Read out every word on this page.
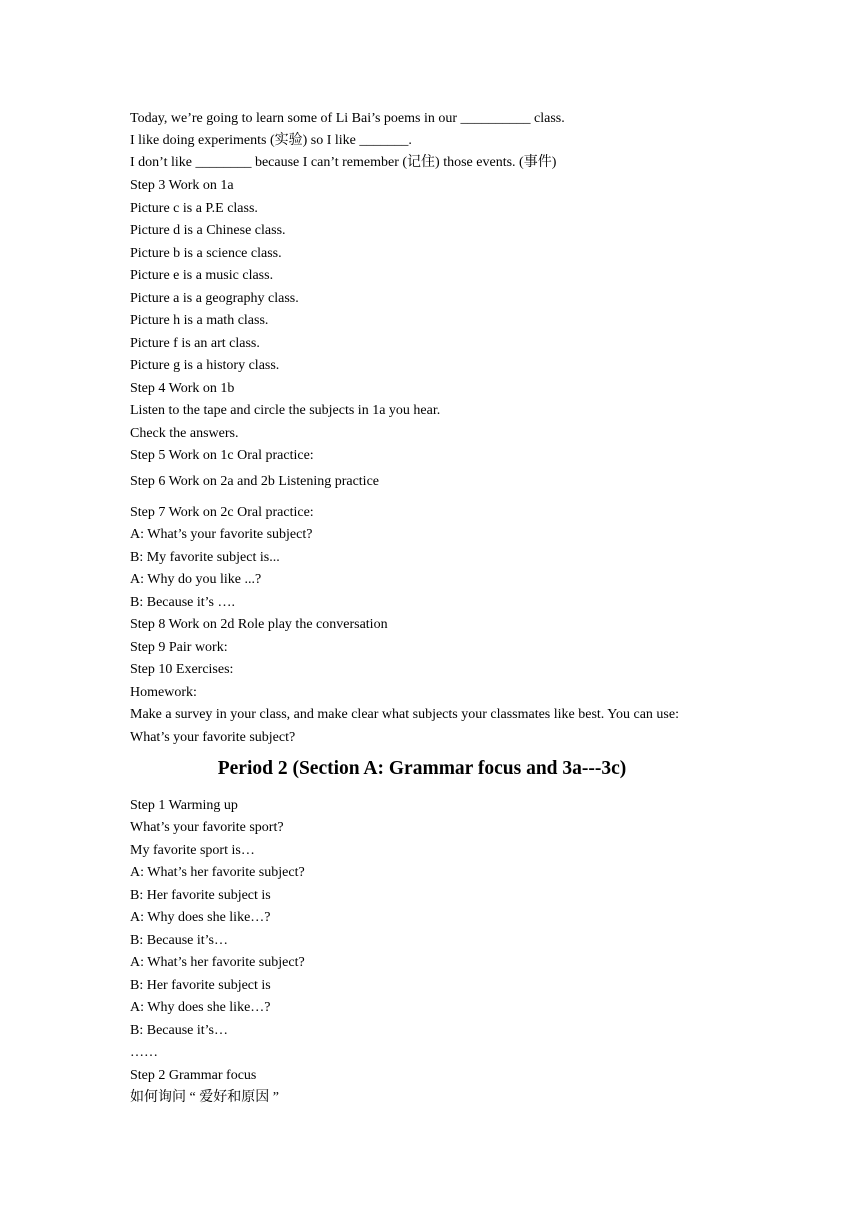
Today, we’re going to learn some of Li Bai’s poems in our __________ class.
I like doing experiments (实验) so I like _______.
I don’t like ________ because I can’t remember (记住) those events. (事件)
Step 3 Work on 1a
Picture c is a P.E class.
Picture d is a Chinese class.
Picture b is a science class.
Picture e is a music class.
Picture a is a geography class.
Picture h is a math class.
Picture f is an art class.
Picture g is a history class.
Step 4 Work on 1b
Listen to the tape and circle the subjects in 1a you hear.
Check the answers.
Step 5 Work on 1c Oral practice:
Step 6 Work on 2a and 2b Listening practice
Step 7 Work on 2c Oral practice:
A: What’s your favorite subject?
B: My favorite subject is...
A: Why do you like ...?
B: Because it’s ….
Step 8 Work on 2d Role play the conversation
Step 9 Pair work:
Step 10 Exercises:
Homework:
Make a survey in your class, and make clear what subjects your classmates like best. You can use:
What’s your favorite subject?
Period 2 (Section A: Grammar focus and 3a---3c)
Step 1 Warming up
What’s your favorite sport?
My favorite sport is…
A: What’s her favorite subject?
B: Her favorite subject is
A: Why does she like…?
B: Because it’s…
A: What’s her favorite subject?
B: Her favorite subject is
A: Why does she like…?
B: Because it’s…
……
Step 2 Grammar focus
如何询问 “ 爱好和原因 ”
